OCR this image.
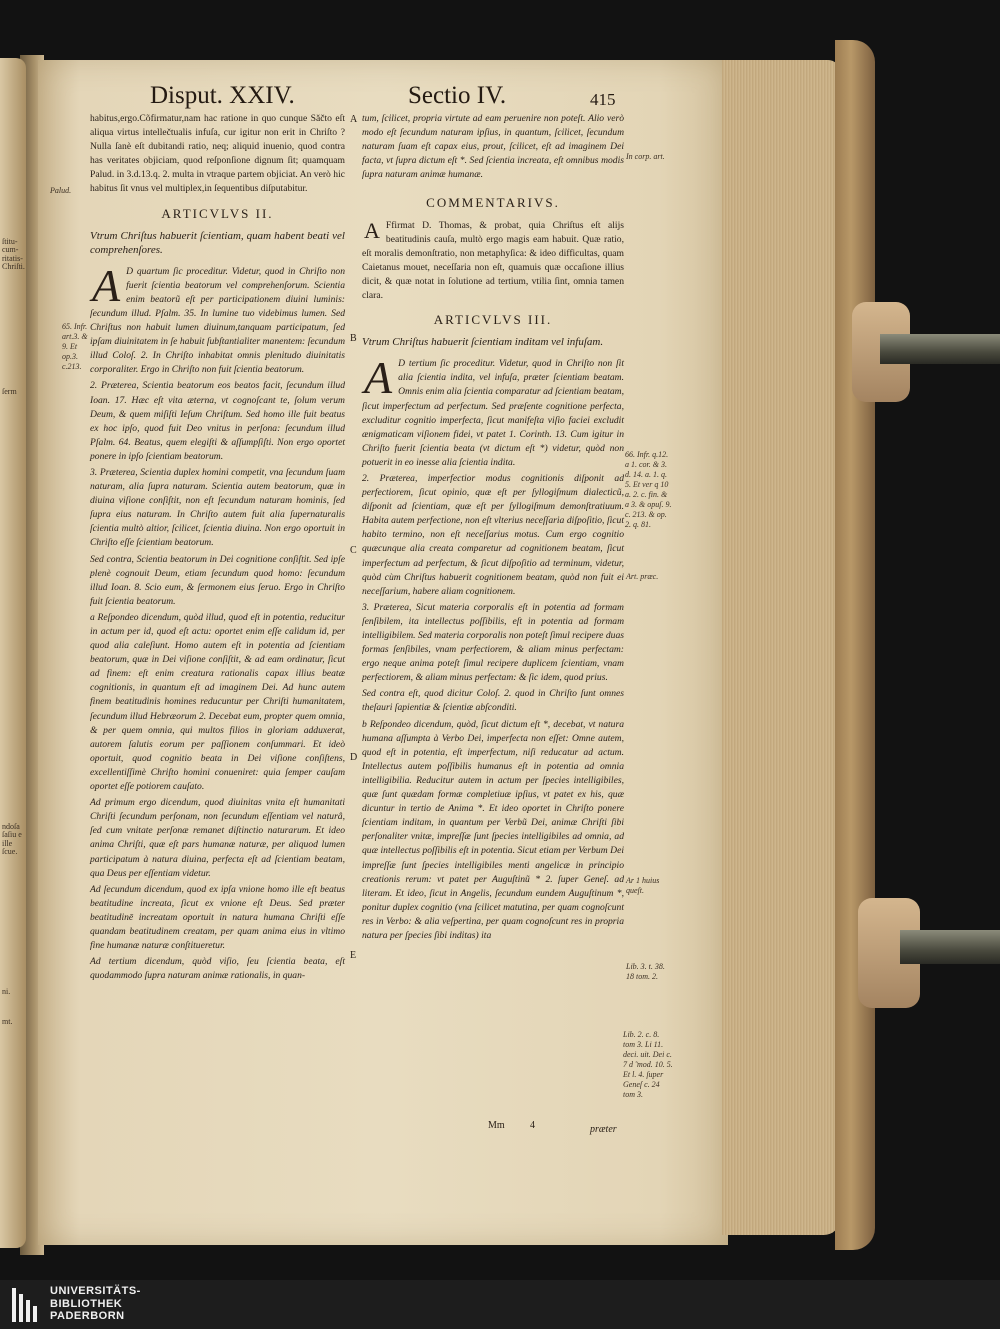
ſtitu- cum- ritatis- Chriſti.
ſerm
ndoſa ſaſiu e ille ſcue.
ni.
mt.
Disput. XXIV.	Sectio IV.	415

habitus,ergo.Cõfirmatur,nam hac ratione in quo cunque Săčto eſt aliqua virtus intellečtualis infuſa, cur igitur non erit in Chriſto ? Nulla ſanè eſt dubitandi ratio, neq; aliquid inuenio, quod contra has veritates objiciam, quod reſponſione dignum ſit; quamquam Palud. in 3.d.13.q. 2. multa in vtraque partem objiciat. An verò hic habitus ſit vnus vel multiplex,in ſequentibus diſputabitur.

ARTICVLVS II.
Vtrum Chriſtus habuerit ſcientiam, quam habent beati vel comprehenſores.

A D quartum ſic proceditur. Videtur, quod in Chriſto non fuerit ſcientia beatorum vel comprehenſorum. Scientia enim beatorũ eſt per participationem diuini luminis: ſecundum illud. Pſalm. 35. In lumine tuo videbimus lumen. Sed Chriſtus non habuit lumen diuinum,tanquam participatum, ſed ipſam diuinitatem in ſe habuit ſubſtantialiter manentem: ſecundum illud Coloſ. 2. In Chriſto inhabitat omnis plenitudo diuinitatis corporaliter. Ergo in Chriſto non fuit ſcientia beatorum.

2. Præterea, Scientia beatorum eos beatos facit, ſecundum illud Ioan. 17. Hæc eſt vita æterna, vt cognoſcant te, ſolum verum Deum, & quem miſiſti Ieſum Chriſtum. Sed homo ille fuit beatus ex hoc ipſo, quod fuit Deo vnitus in perſona: ſecundum illud Pſalm. 64. Beatus, quem elegiſti & aſſumpſiſti. Non ergo oportet ponere in ipſo ſcientiam beatorum.

3. Præterea, Scientia duplex homini competit, vna ſecundum ſuam naturam, alia ſupra naturam. Scientia autem beatorum, quæ in diuina viſione conſiſtit, non eſt ſecundum naturam hominis, ſed ſupra eius naturam. In Chriſto autem fuit alia ſupernaturalis ſcientia multò altior, ſcilicet, ſcientia diuina. Non ergo oportuit in Chriſto eſſe ſcientiam beatorum.

Sed contra, Scientia beatorum in Dei cognitione conſiſtit. Sed ipſe plenè cognouit Deum, etiam ſecundum quod homo: ſecundum illud Ioan. 8. Scio eum, & ſermonem eius ſeruo. Ergo in Chriſto fuit ſcientia beatorum.

a Reſpondeo dicendum, quòd illud, quod eſt in potentia, reducitur in actum per id, quod eſt actu: oportet enim eſſe calidum id, per quod alia caleſiunt. Homo autem eſt in potentia ad ſcientiam beatorum, quæ in Dei viſione conſiſtit, & ad eam ordinatur, ſicut ad finem: eſt enim creatura rationalis capax illius beatæ cognitionis, in quantum eſt ad imaginem Dei. Ad hunc autem finem beatitudinis homines reducuntur per Chriſti humanitatem, ſecundum illud Hebræorum 2. Decebat eum, propter quem omnia, & per quem omnia, qui multos filios in gloriam adduxerat, autorem ſalutis eorum per paſſionem conſummari. Et ideò oportuit, quod cognitio beata in Dei viſione conſiſtens, excellentiſſimè Chriſto homini conueniret: quia ſemper cauſam oportet eſſe potiorem cauſato.

Ad primum ergo dicendum, quod diuinitas vnita eſt humanitati Chriſti ſecundum perſonam, non ſecundum eſſentiam vel naturâ, ſed cum vnitate perſonæ remanet diſtinctio naturarum. Et ideo anima Chriſti, quæ eſt pars humanæ naturæ, per aliquod lumen participatum à natura diuina, perfecta eſt ad ſcientiam beatam, qua Deus per eſſentiam videtur.

Ad ſecundum dicendum, quod ex ipſa vnione homo ille eſt beatus beatitudine increata, ſicut ex vnione eſt Deus. Sed præter beatitudinē increatam oportuit in natura humana Chriſti eſſe quandam beatitudinem creatam, per quam anima eius in vltimo fine humanæ naturæ conſtitueretur.

Ad tertium dicendum, quòd viſio, ſeu ſcientia beata, eſt quodammodo ſupra naturam animæ rationalis, in quan-

tum, ſcilicet, propria virtute ad eam peruenire non poteſt. Alio verò modo eſt ſecundum naturam ipſius, in quantum, ſcilicet, ſecundum naturam ſuam eſt capax eius, prout, ſcilicet, eſt ad imaginem Dei facta, vt ſupra dictum eſt *. Sed ſcientia increata, eſt omnibus modis ſupra naturam animæ humanæ.

COMMENTARIVS.

A Ffirmat D. Thomas, & probat, quia Chriſtus eſt alijs beatitudinis cauſa, multò ergo magis eam habuit. Quæ ratio, eſt moralis demonſtratio, non metaphyſica: & ideo difficultas, quam Caietanus mouet, neceſſaria non eſt, quamuis quæ occaſione illius dicit, & quæ notat in ſolutione ad tertium, vtilia ſint, omnia tamen clara.

ARTICVLVS III.
Vtrum Chriſtus habuerit ſcientiam inditam vel infuſam.

A D tertium ſic proceditur. Videtur, quod in Chriſto non ſit alia ſcientia indita, vel infuſa, præter ſcientiam beatam. Omnis enim alia ſcientia comparatur ad ſcientiam beatam, ſicut imperfectum ad perfectum. Sed præſente cognitione perfecta, excluditur cognitio imperfecta, ſicut manifeſta viſio faciei excludit ænigmaticam viſionem fidei, vt patet 1. Corinth. 13. Cum igitur in Chriſto fuerit ſcientia beata (vt dictum eſt *) videtur, quòd non potuerit in eo inesse alia ſcientia indita.

2. Præterea, imperfectior modus cognitionis diſponit ad perfectiorem, ſicut opinio, quæ eſt per ſyllogiſmum dialecticũ, diſponit ad ſcientiam, quæ eſt per ſyllogiſmum demonſtratiuum. Habita autem perfectione, non eſt vlterius neceſſaria diſpoſitio, ſicut habito termino, non eſt neceſſarius motus. Cum ergo cognitio quæcunque alia creata comparetur ad cognitionem beatam, ſicut imperfectum ad perfectum, & ſicut diſpoſitio ad terminum, videtur, quòd cùm Chriſtus habuerit cognitionem beatam, quòd non fuit ei neceſſarium, habere aliam cognitionem.

3. Præterea, Sicut materia corporalis eſt in potentia ad formam ſenſibilem, ita intellectus poſſibilis, eſt in potentia ad formam intelligibilem. Sed materia corporalis non poteſt ſimul recipere duas formas ſenſibiles, vnam perfectiorem, & aliam minus perfectam: ergo neque anima poteſt ſimul recipere duplicem ſcientiam, vnam perfectiorem, & aliam minus perfectam: & ſic idem, quod prius.

Sed contra eſt, quod dicitur Coloſ. 2. quod in Chriſto ſunt omnes theſauri ſapientiæ & ſcientiæ abſconditi.

b Reſpondeo dicendum, quòd, ſicut dictum eſt *, decebat, vt natura humana aſſumpta à Verbo Dei, imperfecta non eſſet: Omne autem, quod eſt in potentia, eſt imperfectum, niſi reducatur ad actum. Intellectus autem poſſibilis humanus eſt in potentia ad omnia intelligibilia. Reducitur autem in actum per ſpecies intelligibiles, quæ ſunt quædam formæ completiuæ ipſius, vt patet ex his, quæ dicuntur in tertio de Anima *. Et ideo oportet in Chriſto ponere ſcientiam inditam, in quantum per Verbũ Dei, animæ Chriſti ſibi perſonaliter vnitæ, impreſſæ ſunt ſpecies intelligibiles ad omnia, ad quæ intellectus poſſibilis eſt in potentia. Sicut etiam per Verbum Dei impreſſæ ſunt ſpecies intelligibiles menti angelicæ in principio creationis rerum: vt patet per Auguſtinũ * 2. ſuper Geneſ. ad literam. Et ideo, ſicut in Angelis, ſecundum eundem Auguſtinum *, ponitur duplex cognitio (vna ſcilicet matutina, per quam cognoſcunt res in Verbo: & alia veſpertina, per quam cognoſcunt res in propria natura per ſpecies ſibi inditas) ita

A
B
C
D
E
Palud.
65. Infr. art.3. & 9. Et op.3. c.213.
In corp. art.
66. Infr. q.12. a 1. cor. & 3. d. 14. a. 1. q. 5. Et ver q 10 a. 2. c. fin. & a 3. & opuſ. 9. c. 213. & op. 2. q. 81.
Art. præc.
Ar 1 huius queſt.
Lib. 3. t. 38. 18 tom. 2.
Lib. 2. c. 8. tom 3. Li 11. deci. uit. Dei c. 7 d ̃ mod. 10. 5. Et l. 4. ſuper Geneſ c. 24 tom 3.
Mm	4	præter
UNIVERSITÄTS-
BIBLIOTHEK
PADERBORN
